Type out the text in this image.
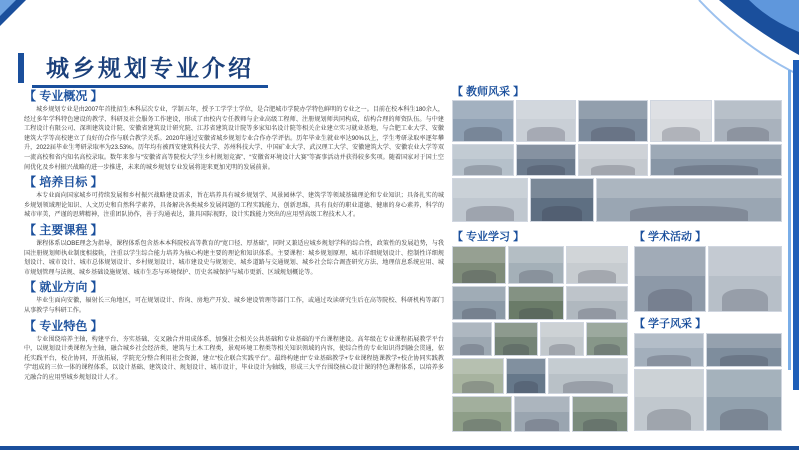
城乡规划专业介绍
【 专业概况 】
城乡规划专业是由2007年首批招生本科层次专业，学制五年，授予工学学士学位，是合肥城市学院办学特色鲜明的专业之一。目前在校本科生180余人，经过多年学科特色建设的教学、科研及社会服务工作建设，形成了由校内专任教师与企业高级工程师、注册规划师共同构成，结构合理的师资队伍。与中建工程设计有限公司、深圳建筑设计院、安徽省建筑设计研究院、江苏省建筑设计院等多家知名设计院等相关企业建立实习就业基地，与合肥工业大学、安徽建筑大学等高校建立了良好的合作与联合教学关系。2020年通过安徽省城乡规划专业合作办学评估。历年毕业生就业率达90%以上，学生考研录取率逐年攀升，2022届毕业生考研录取率为23.53%。历年均有被西安建筑科技大学、苏州科技大学、中国矿业大学、武汉理工大学、安徽建筑大学、安徽农业大学等双一流高校和省内知名高校录取。数年来参与“安徽省高等院校大学生乡村规划竞赛”、“安徽省环境设计大赛”等赛事活动并获得较多奖项。随着国家对于国土空间优化及乡村振兴战略的进一步推进，未来的城乡规划专业发展将迎来更加光明的发展前景。
【 培养目标 】
本专业面向国家城乡可持续发展和乡村振兴战略建设需求，旨在培养具有城乡规划学、风景园林学、建筑学等领域基础理论和专业知识；具备扎实的城乡规划领域理论知识、人文历史和自然科学素养，具备解决各类城乡发展问题的工程实践能力、创新思维，具有良好的职业道德、健康的身心素养，科学的城市审美，严谨的思辨精神，注重团队协作，善于沟通表达，兼具国际视野，设计实践能力突出的应用型高级工程技术人才。
【 主要课程 】
课程体系以OBE理念为指导，课程体系包含基本本科院校高等教育的“宽口径、厚基础”，同时又兼适应城乡规划学科的综合性，政策性的发展趋势，与我国注册规划师执业制度相接轨，注重以学生综合能力培养为核心构建主要的理论和知识体系。主要课程：城乡规划原理、城市详细规划设计、控制性详细规划设计、城市设计、城市总体规划设计、乡村规划设计、城市建设史与规划史、城乡道路与交通规划、城乡社会综合调查研究方法、地理信息系统应用、城市规划管理与法规、城乡基础设施规划、城市生态与环境保护、历史名城保护与城市更新、区域规划概论等。
【 就业方向 】
毕业生面向安徽，辐射长三角地区，可在规划设计、咨询、房地产开发、城乡建设管理等部门工作，或通过攻读研究生后在高等院校、科研机构等部门从事教学与科研工作。
【 专业特色 】
专业围绕培养主轴，构建平台、夯实基础、交叉融合并用成体系，加强社会相关公共基础和专业基础的平台课程建设。高年级在专业课程拓展教学平台中，以规划设计类课程为主轴，融合城乡社会经济类，建筑与土木工程类，景观环境工程类等相关知识领域的内容，使综合性的专业知识得到融会贯通，依托实践平台，校企协同，开放拓展，学院充分整合利用社会资源，建立“校企联合实践平台”。最终构建由“专业基础教学+专业课程链课教学+校企协同实践教学”组成的三位一体的课程体系，以设计基础、建筑设计、规划设计、城市设计，毕业设计为轴线，形成三大平台围绕核心设计课的特色课程体系，以培养多元融合的应用型城乡规划设计人才。
【 教师风采 】
【 专业学习 】	【 学术活动 】
【 学子风采 】
